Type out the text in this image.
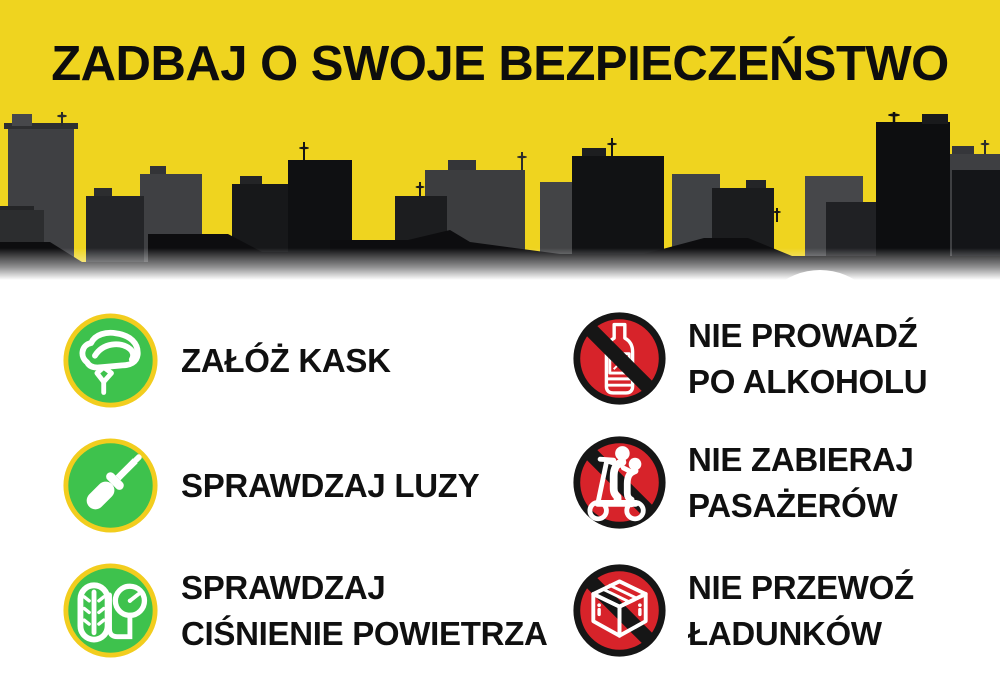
ZADBAJ O SWOJE BEZPIECZEŃSTWO
ZAŁÓŻ KASK
SPRAWDZAJ LUZY
SPRAWDZAJ
CIŚNIENIE POWIETRZA
NIE PROWADŹ
PO ALKOHOLU
NIE ZABIERAJ
PASAŻERÓW
NIE PRZEWOŹ
ŁADUNKÓW
